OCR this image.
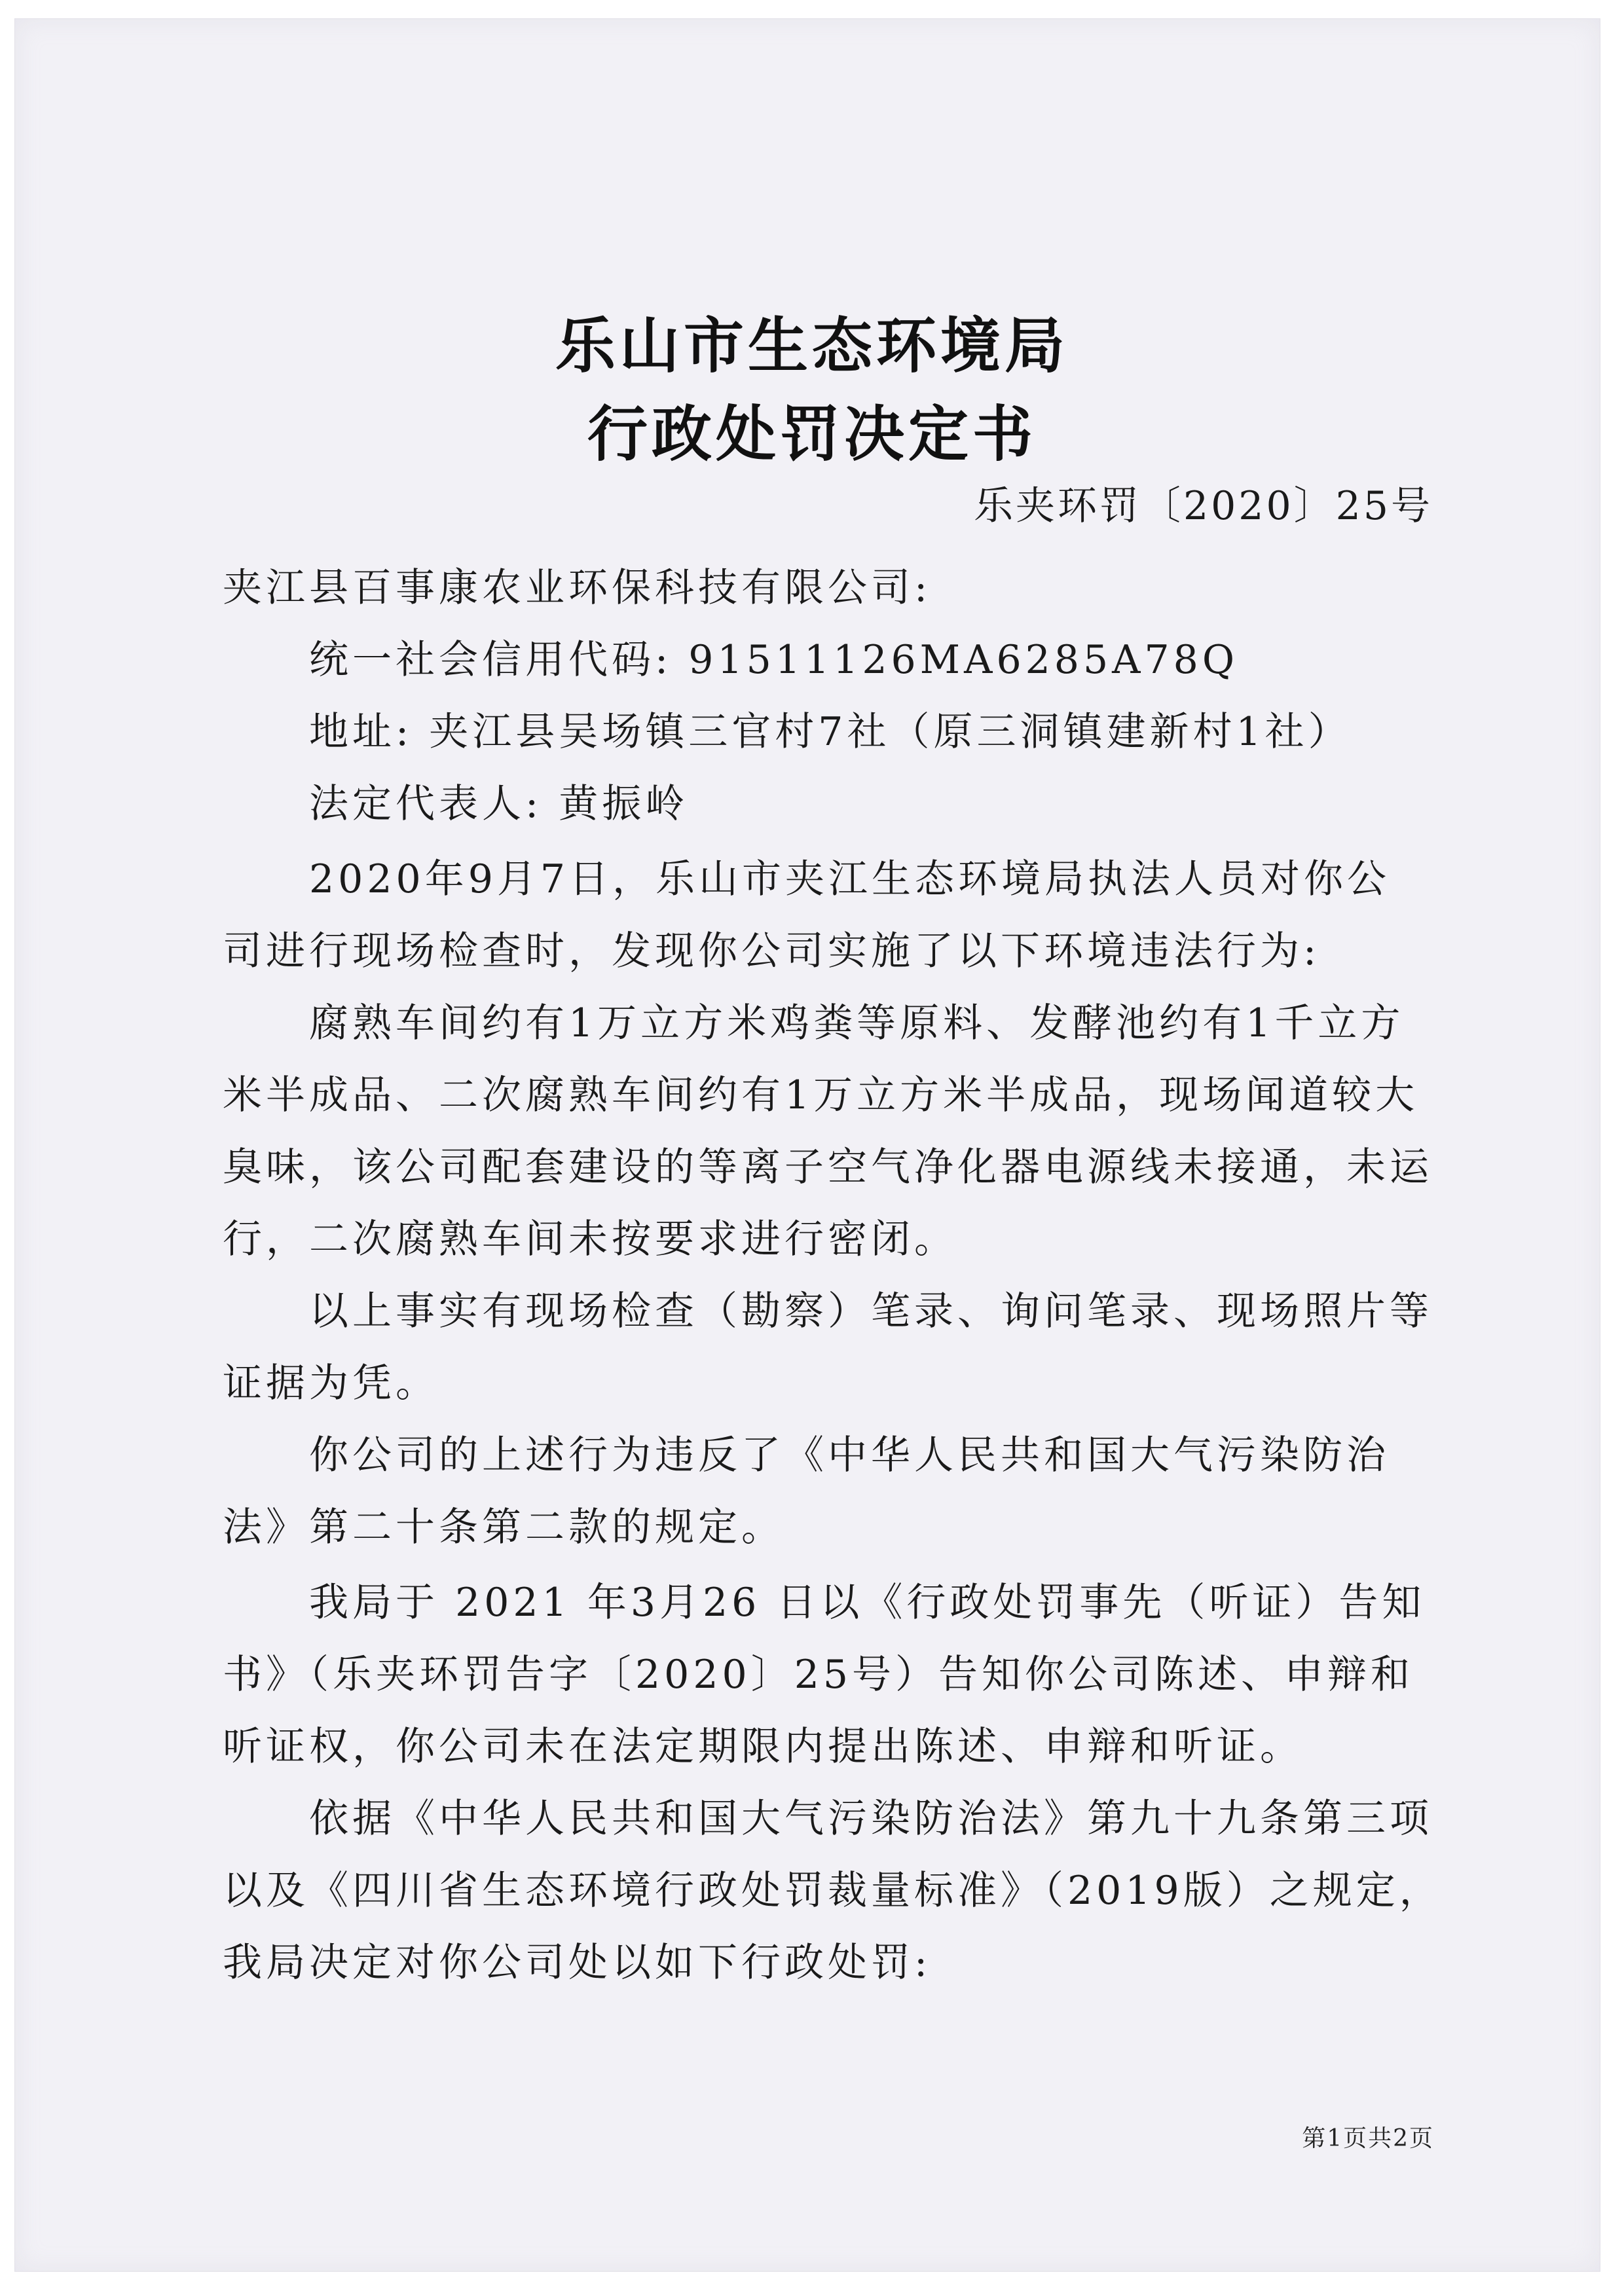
乐山市生态环境局
行政处罚决定书
乐夹环罚〔2020〕25号
夹江县百事康农业环保科技有限公司:
统一社会信用代码: 91511126MA6285A78Q
地址: 夹江县吴场镇三官村7社（原三洞镇建新村1社）
法定代表人: 黄振岭
2020年9月7日，乐山市夹江生态环境局执法人员对你公
司进行现场检查时，发现你公司实施了以下环境违法行为:
腐熟车间约有1万立方米鸡粪等原料、发酵池约有1千立方
米半成品、二次腐熟车间约有1万立方米半成品，现场闻道较大
臭味，该公司配套建设的等离子空气净化器电源线未接通，未运
行，二次腐熟车间未按要求进行密闭。
以上事实有现场检查（勘察）笔录、询问笔录、现场照片等
证据为凭。
你公司的上述行为违反了《中华人民共和国大气污染防治
法》第二十条第二款的规定。
我局于 2021 年3月26 日以《行政处罚事先（听证）告知
书》（乐夹环罚告字〔2020〕25号）告知你公司陈述、申辩和
听证权，你公司未在法定期限内提出陈述、申辩和听证。
依据《中华人民共和国大气污染防治法》第九十九条第三项
以及《四川省生态环境行政处罚裁量标准》（2019版）之规定，
我局决定对你公司处以如下行政处罚:
第1页共2页
